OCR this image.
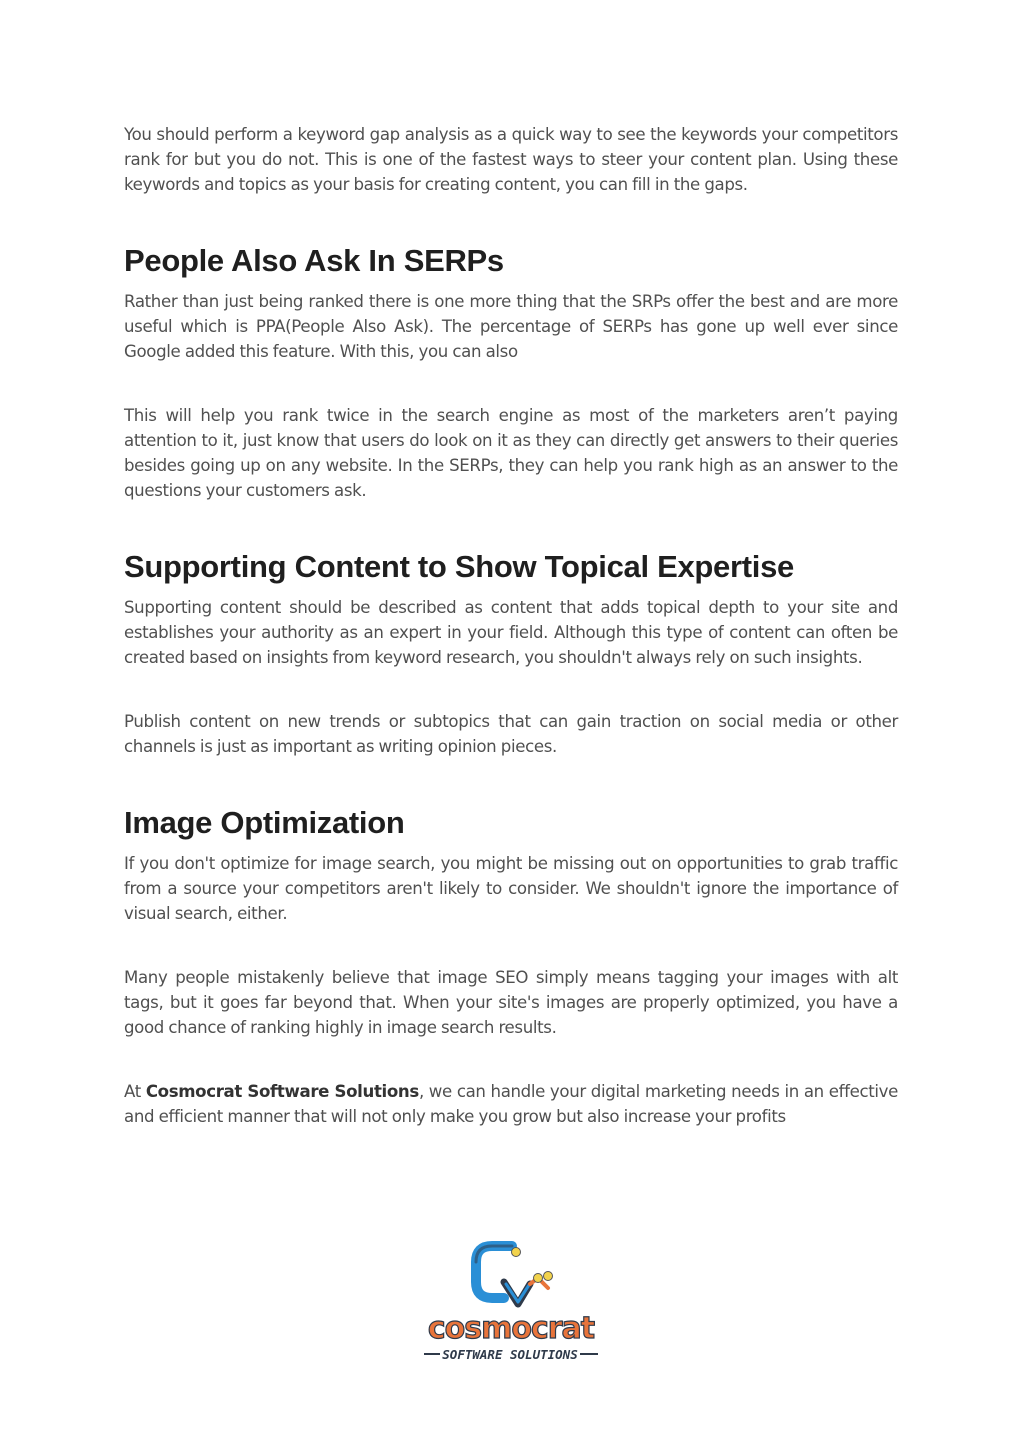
You should perform a keyword gap analysis as a quick way to see the keywords your competitors rank for but you do not. This is one of the fastest ways to steer your content plan. Using these keywords and topics as your basis for creating content, you can fill in the gaps.

People Also Ask In SERPs

Rather than just being ranked there is one more thing that the SRPs offer the best and are more useful which is PPA(People Also Ask). The percentage of SERPs has gone up well ever since Google added this feature. With this, you can also

This will help you rank twice in the search engine as most of the marketers aren’t paying attention to it, just know that users do look on it as they can directly get answers to their queries besides going up on any website. In the SERPs, they can help you rank high as an answer to the questions your customers ask.

Supporting Content to Show Topical Expertise

Supporting content should be described as content that adds topical depth to your site and establishes your authority as an expert in your field. Although this type of content can often be created based on insights from keyword research, you shouldn't always rely on such insights.

Publish content on new trends or subtopics that can gain traction on social media or other channels is just as important as writing opinion pieces.

Image Optimization

If you don't optimize for image search, you might be missing out on opportunities to grab traffic from a source your competitors aren't likely to consider. We shouldn't ignore the importance of visual search, either.

Many people mistakenly believe that image SEO simply means tagging your images with alt tags, but it goes far beyond that. When your site's images are properly optimized, you have a good chance of ranking highly in image search results.

At Cosmocrat Software Solutions, we can handle your digital marketing needs in an effective and efficient manner that will not only make you grow but also increase your profits

cosmocrat
SOFTWARE SOLUTIONS
